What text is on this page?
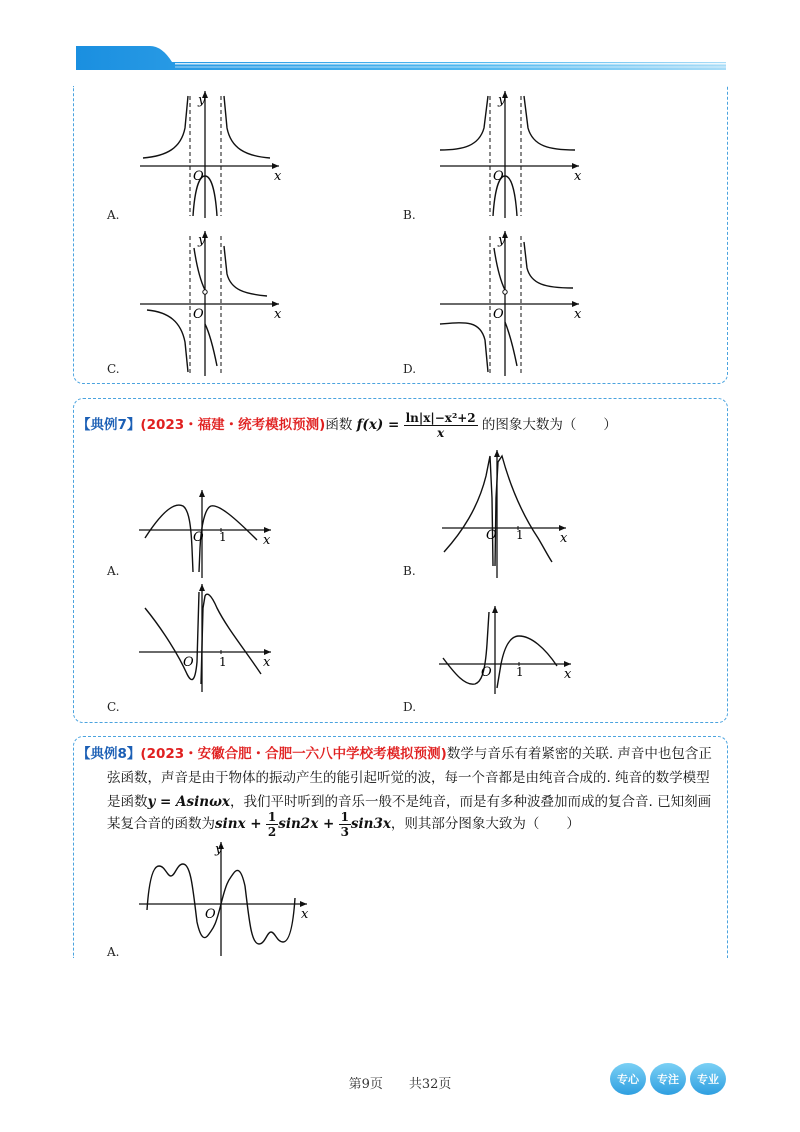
y
x
O
A.
y
x
O
B.
y
x
O
C.
y
x
O
D.
【典例7】(2023・福建・统考模拟预测)函数 $f(x) = \frac{\text{ln|x|−x²+2}}{x}$ 的图象大数为（　　）
O 1	x
A.
O 1	x
B.
O 1	x
C.
O 1	x
D.
【典例8】(2023・安徽合肥・合肥一六八中学校考模拟预测)数学与音乐有着紧密的关联. 声音中也包含正
弦函数，声音是由于物体的振动产生的能引起听觉的波，每一个音都是由纯音合成的. 纯音的数学模型
是函数y = Asinωx，我们平时听到的音乐一般不是纯音，而是有多种波叠加而成的复合音. 已知刻画
某复合音的函数为$\sin x + \frac{1}{2} \sin 2x + \frac{1}{3} \sin 3x$，则其部分图象大致为（　　）
y
x
O
A.
第9页　　共32页	专心	专注	专业
